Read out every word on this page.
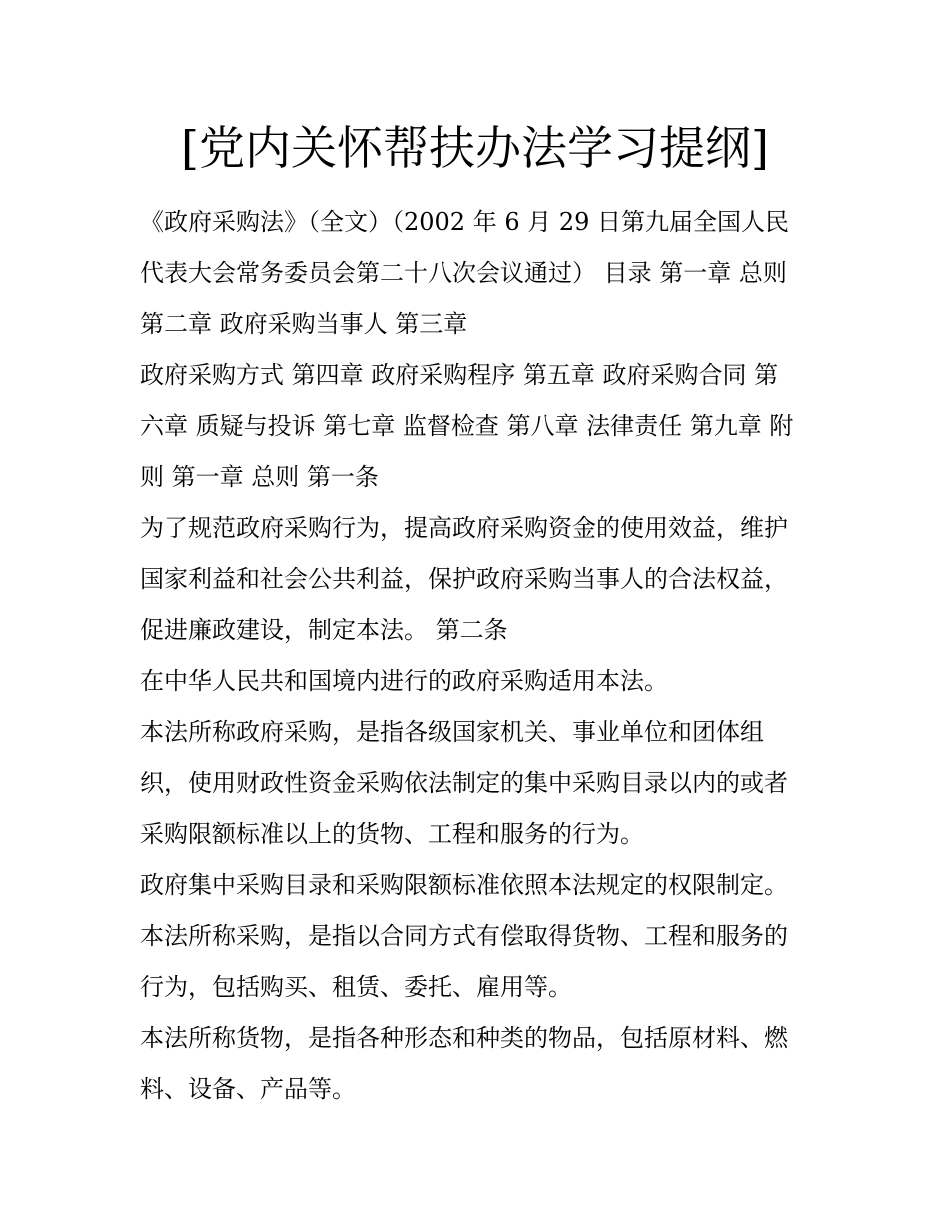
[党内关怀帮扶办法学习提纲]
《政府采购法》（全文）（2002 年 6 月 29 日第九届全国人民
代表大会常务委员会第二十八次会议通过） 目录 第一章 总则
第二章 政府采购当事人 第三章
政府采购方式 第四章 政府采购程序 第五章 政府采购合同 第
六章 质疑与投诉 第七章 监督检查 第八章 法律责任 第九章 附
则 第一章 总则 第一条
为了规范政府采购行为，提高政府采购资金的使用效益，维护
国家利益和社会公共利益，保护政府采购当事人的合法权益，
促进廉政建设，制定本法。 第二条
在中华人民共和国境内进行的政府采购适用本法。
本法所称政府采购，是指各级国家机关、事业单位和团体组
织，使用财政性资金采购依法制定的集中采购目录以内的或者
采购限额标准以上的货物、工程和服务的行为。
政府集中采购目录和采购限额标准依照本法规定的权限制定。
本法所称采购，是指以合同方式有偿取得货物、工程和服务的
行为，包括购买、租赁、委托、雇用等。
本法所称货物，是指各种形态和种类的物品，包括原材料、燃
料、设备、产品等。
